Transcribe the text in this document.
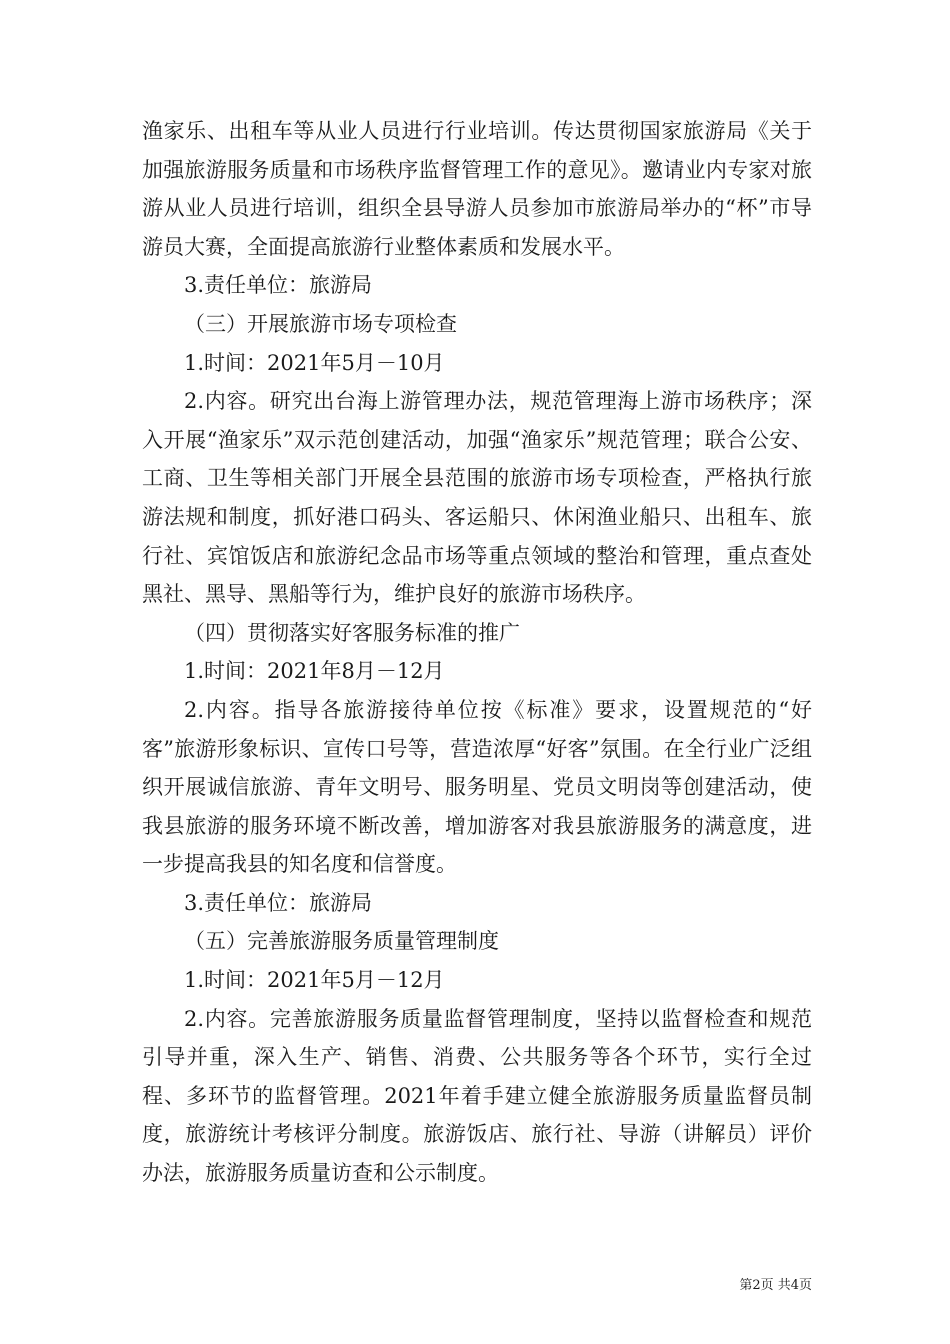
渔家乐、出租车等从业人员进行行业培训。传达贯彻国家旅游局《关于加强旅游服务质量和市场秩序监督管理工作的意见》。邀请业内专家对旅游从业人员进行培训，组织全县导游人员参加市旅游局举办的“杯”市导游员大赛，全面提高旅游行业整体素质和发展水平。

3.责任单位：旅游局

（三）开展旅游市场专项检查

1.时间：2021年5月－10月

2.内容。研究出台海上游管理办法，规范管理海上游市场秩序；深入开展“渔家乐”双示范创建活动，加强“渔家乐”规范管理；联合公安、工商、卫生等相关部门开展全县范围的旅游市场专项检查，严格执行旅游法规和制度，抓好港口码头、客运船只、休闲渔业船只、出租车、旅行社、宾馆饭店和旅游纪念品市场等重点领域的整治和管理，重点查处黑社、黑导、黑船等行为，维护良好的旅游市场秩序。

（四）贯彻落实好客服务标准的推广

1.时间：2021年8月－12月

2.内容。指导各旅游接待单位按《标准》要求，设置规范的“好客”旅游形象标识、宣传口号等，营造浓厚“好客”氛围。在全行业广泛组织开展诚信旅游、青年文明号、服务明星、党员文明岗等创建活动，使我县旅游的服务环境不断改善，增加游客对我县旅游服务的满意度，进一步提高我县的知名度和信誉度。

3.责任单位：旅游局

（五）完善旅游服务质量管理制度

1.时间：2021年5月－12月

2.内容。完善旅游服务质量监督管理制度，坚持以监督检查和规范引导并重，深入生产、销售、消费、公共服务等各个环节，实行全过程、多环节的监督管理。2021年着手建立健全旅游服务质量监督员制度，旅游统计考核评分制度。旅游饭店、旅行社、导游（讲解员）评价办法，旅游服务质量访查和公示制度。

第2页 共4页
